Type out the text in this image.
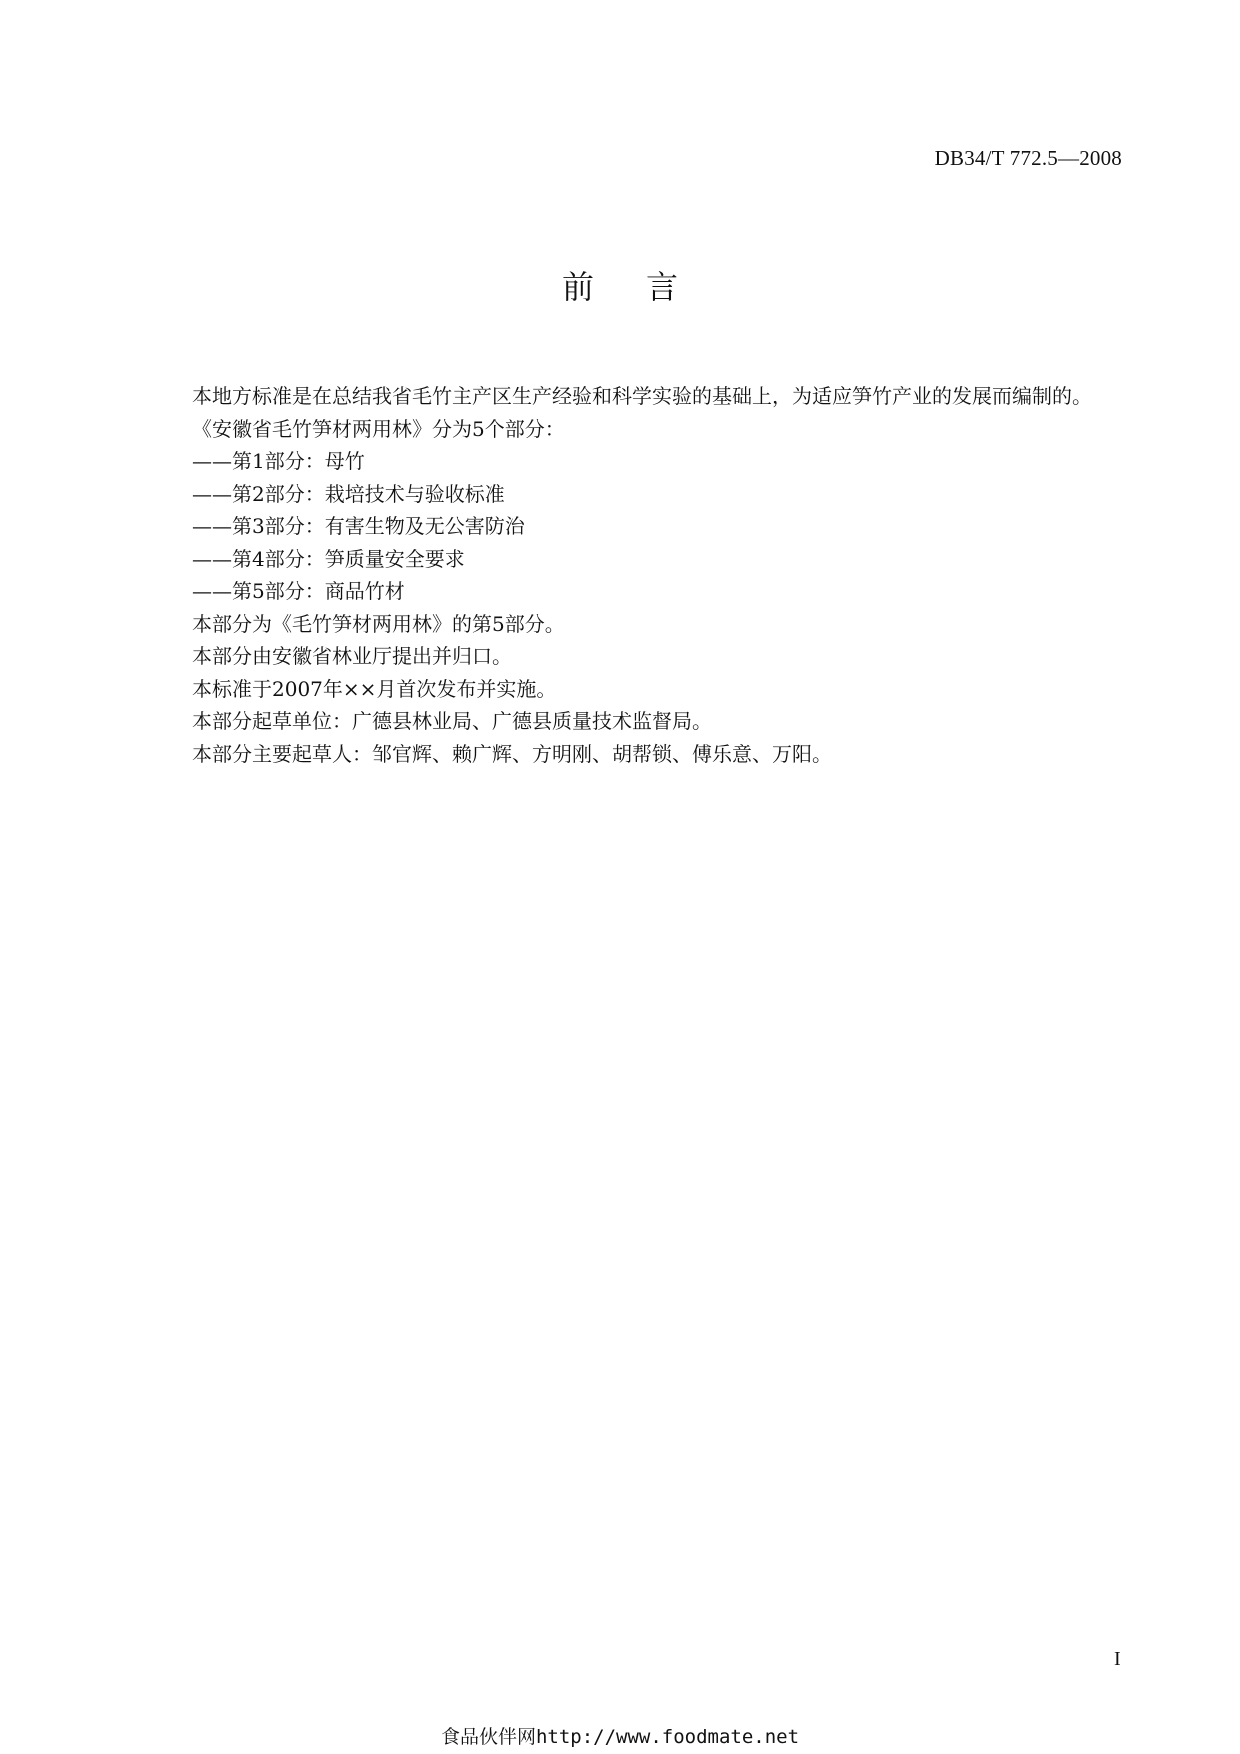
DB34/T 772.5—2008
前言

本地方标准是在总结我省毛竹主产区生产经验和科学实验的基础上，为适应笋竹产业的发展而编制的。

《安徽省毛竹笋材两用林》分为5个部分：

——第1部分：母竹

——第2部分：栽培技术与验收标准

——第3部分：有害生物及无公害防治

——第4部分：笋质量安全要求

——第5部分：商品竹材

本部分为《毛竹笋材两用林》的第5部分。

本部分由安徽省林业厅提出并归口。

本标准于2007年××月首次发布并实施。

本部分起草单位：广德县林业局、广德县质量技术监督局。

本部分主要起草人：邹官辉、赖广辉、方明刚、胡帮锁、傅乐意、万阳。

I
食品伙伴网http://www.foodmate.net
